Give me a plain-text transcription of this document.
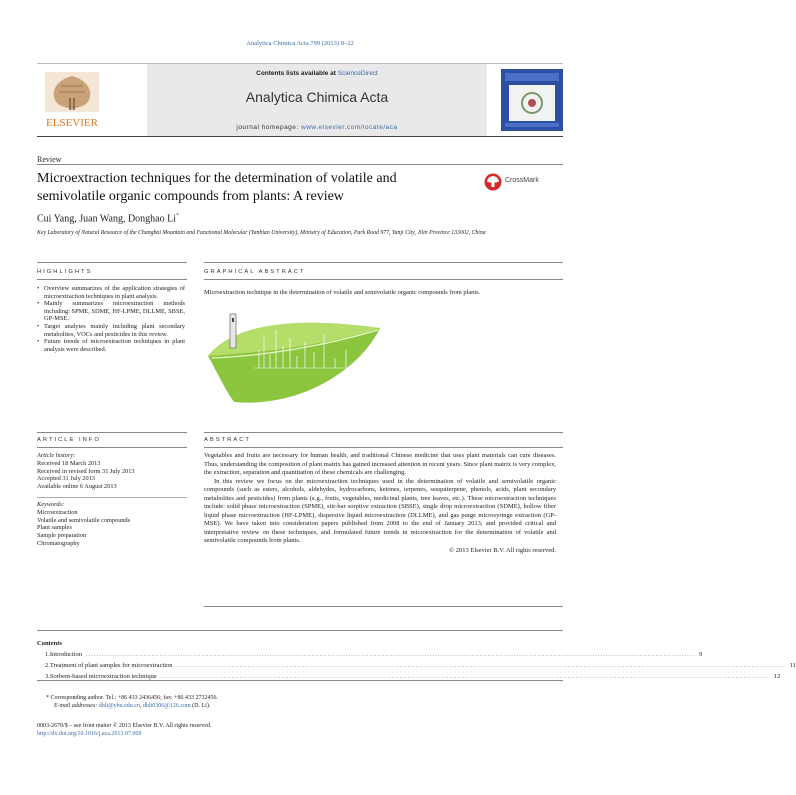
Analytica Chimica Acta 799 (2013) 8–22
ELSEVIER
Contents lists available at ScienceDirect
Analytica Chimica Acta
journal homepage: www.elsevier.com/locate/aca
Review
Microextraction techniques for the determination of volatile and semivolatile organic compounds from plants: A review
CrossMark
Cui Yang, Juan Wang, Donghao Li*
Key Laboratory of Natural Resource of the Changbai Mountain and Functional Molecular (Yanbian University), Ministry of Education, Park Road 977, Yanji City, Jilin Province 133002, China
HIGHLIGHTS
• Overview summarizes of the application strategies of microextraction techniques in plant analysis.
• Mainly summarizes microextraction methods including: SPME, SDME, HF-LPME, DLLME, SBSE, GP-MSE.
• Target analytes mainly including plant secondary metabolites, VOCs and pesticides in this review.
• Future trends of microextraction techniques in plant analysis were described.
GRAPHICAL ABSTRACT
Microextraction technique in the determination of volatile and semivolatile organic compounds from plants.
ARTICLE INFO
Article history:
Received 18 March 2013
Received in revised form 31 July 2013
Accepted 31 July 2013
Available online 6 August 2013
Keywords:
Microextraction
Volatile and semivolatile compounds
Plant samples
Sample preparation
Chromatography
ABSTRACT

Vegetables and fruits are necessary for human health, and traditional Chinese medicine that uses plant materials can cure diseases. Thus, understanding the composition of plant matrix has gained increased attention in recent years. Since plant matrix is very complex, the extraction, separation and quantitation of these chemicals are challenging.

In this review we focus on the microextraction techniques used in the determination of volatile and semivolatile organic compounds (such as esters, alcohols, aldehydes, hydrocarbons, ketones, terpenes, sesquiterpene, phenols, acids, plant secondary metabolites and pesticides) from plants (e.g., fruits, vegetables, medicinal plants, tree leaves, etc.). These microextraction techniques include: solid phase microextraction (SPME), stir-bar sorptive extraction (SBSE), single drop microextraction (SDME), hollow fiber liquid phase microextraction (HF-LPME), dispersive liquid microextraction (DLLME), and gas purge microsyringe extraction (GP-MSE). We have taken into consideration papers published from 2008 to the end of January 2013, and provided critical and interpretative review on these techniques, and formulated future trends in microextraction for the determination of volatile and semivolatile compounds from plants.

© 2013 Elsevier B.V. All rights reserved.

Contents
1. Introduction ........................................................................................................................................................................................................................................ 9
2. Treatment of plant samples for microextraction ........................................................................................................................................................................................................................................ 11
3. Sorbent-based microextraction technique ........................................................................................................................................................................................................................................ 12
* Corresponding author. Tel.: +86 433 2436456; fax: +86 433 2732456.
E-mail addresses: dhli@ybu.edu.cn, dhli0306@126.com (D. Li).
0003-2670/$ – see front matter © 2013 Elsevier B.V. All rights reserved.
http://dx.doi.org/10.1016/j.aca.2013.07.069
